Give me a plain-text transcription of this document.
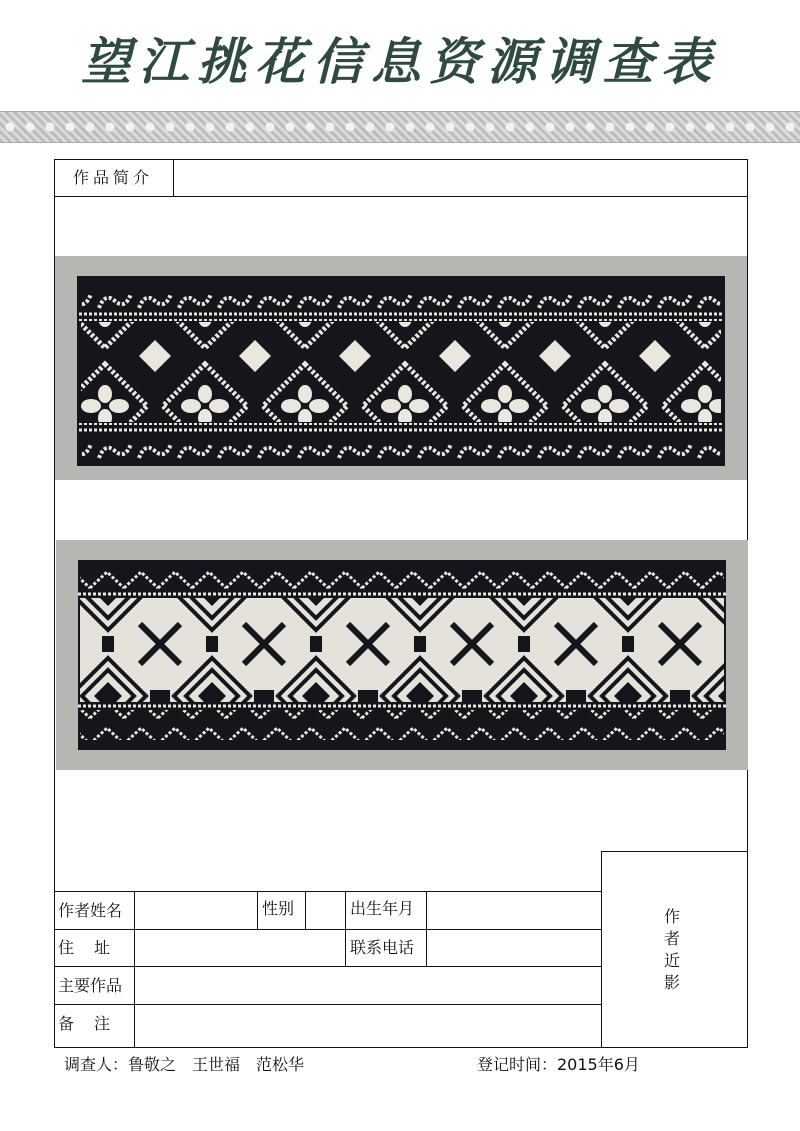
望江挑花信息资源调查表
作品简介
作者近影
作者姓名	性别	出生年月
住　址	联系电话
主要作品
备　注
调查人：鲁敬之　王世福　范松华	登记时间：2015年6月
